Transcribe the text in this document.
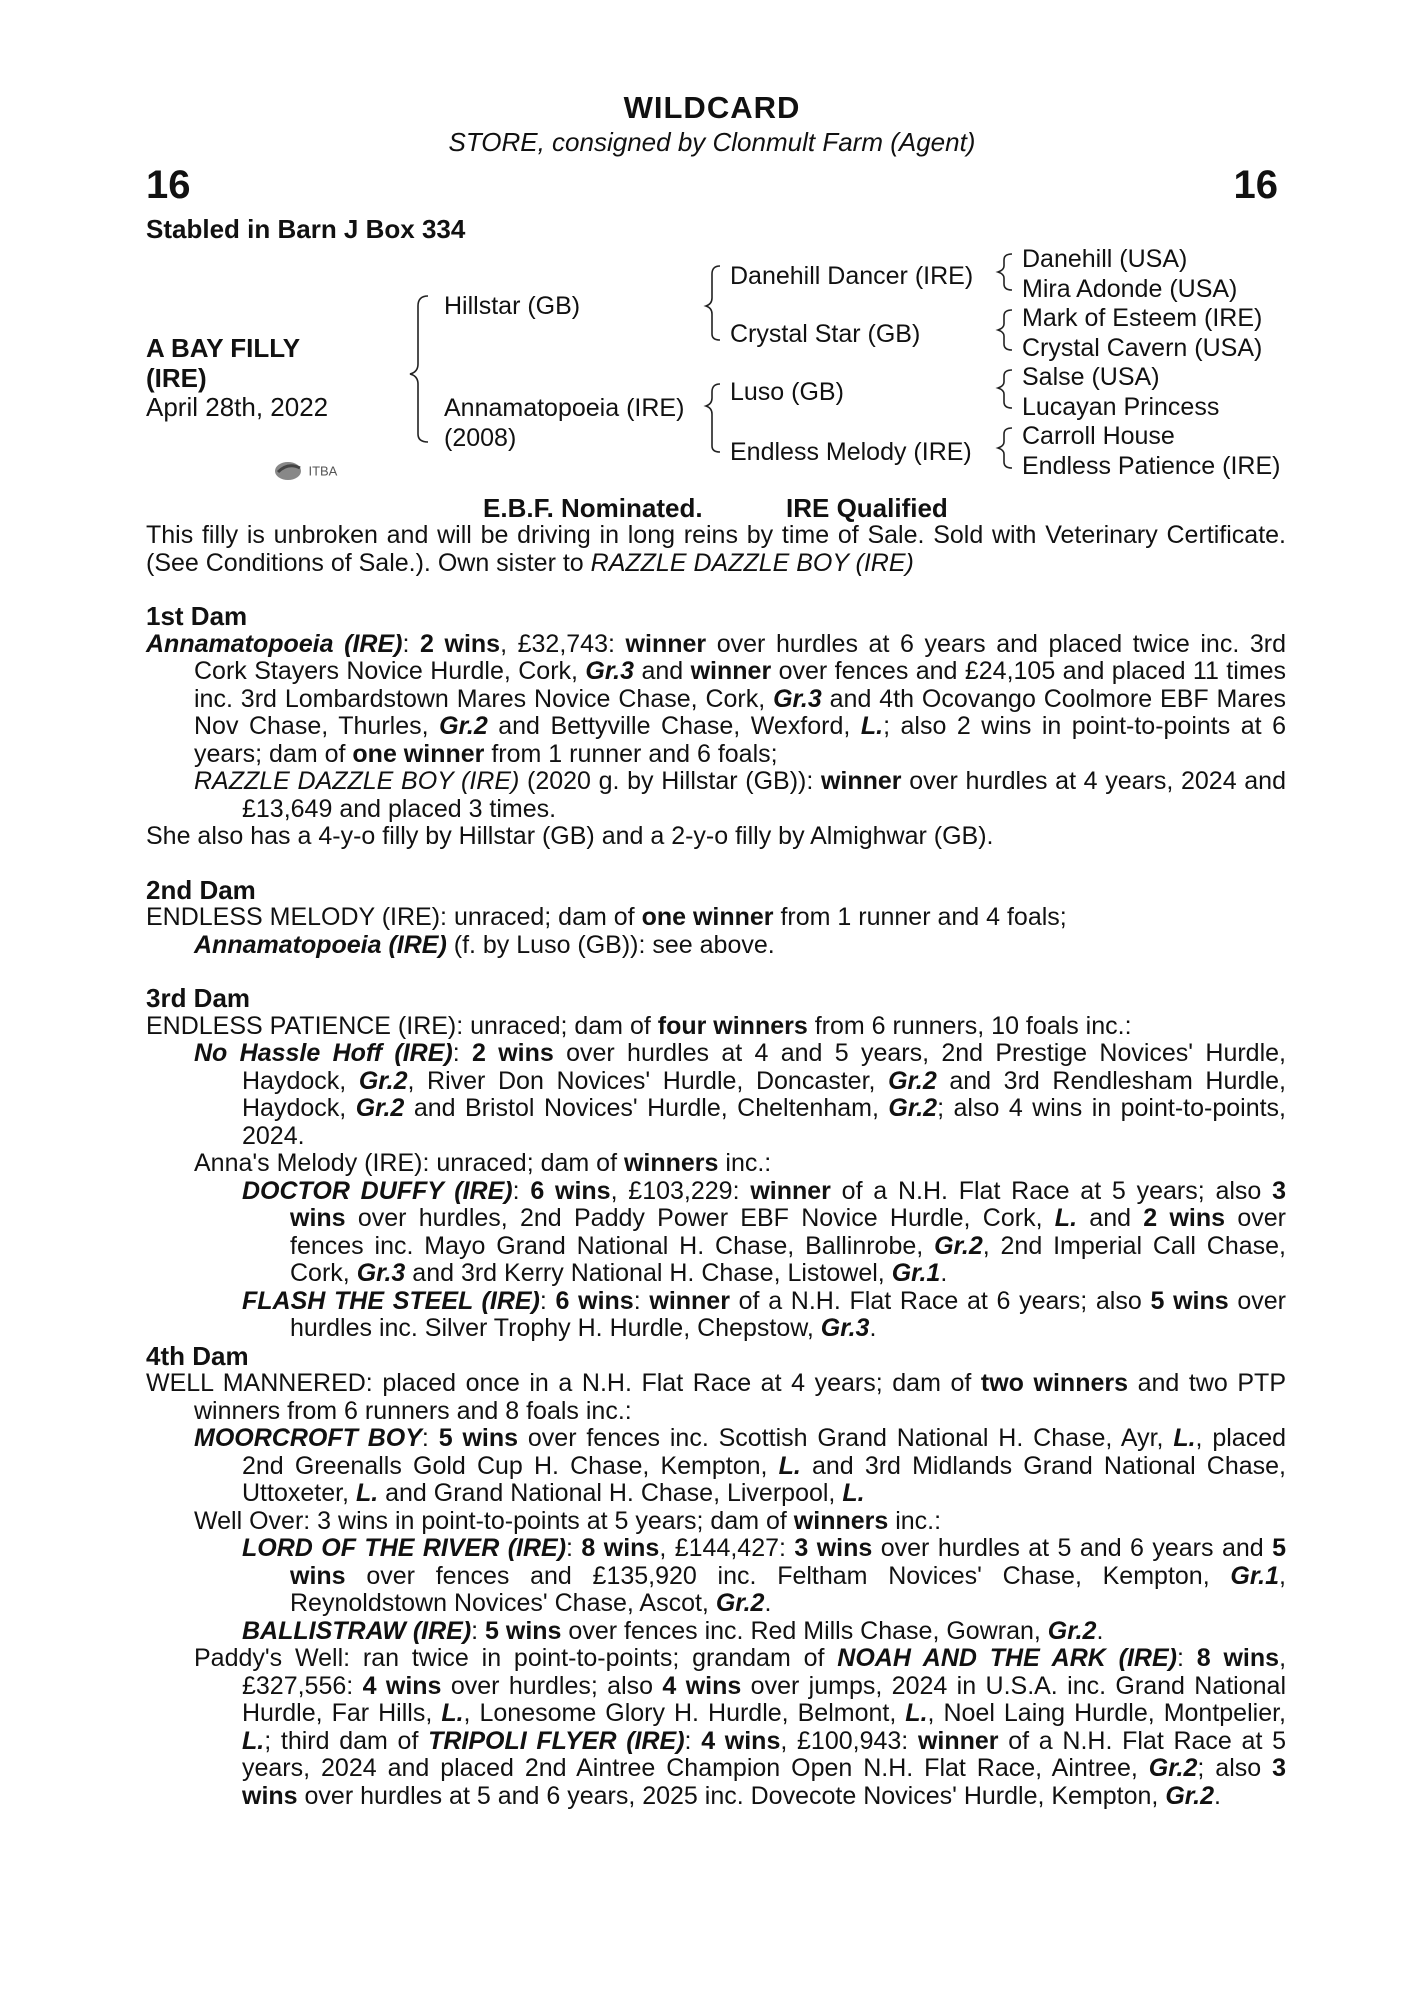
WILDCARD
STORE, consigned by Clonmult Farm (Agent)
16	16
Stabled in Barn J Box 334
A BAY FILLY
(IRE)
April 28th, 2022
Hillstar (GB)
Annamatopoeia (IRE)
(2008)
Danehill Dancer (IRE)
Crystal Star (GB)
Luso (GB)
Endless Melody (IRE)
Danehill (USA)
Mira Adonde (USA)
Mark of Esteem (IRE)
Crystal Cavern (USA)
Salse (USA)
Lucayan Princess
Carroll House
Endless Patience (IRE)
ITBA
E.B.F. Nominated.	IRE Qualified

This filly is unbroken and will be driving in long reins by time of Sale. Sold with Veterinary Certificate. (See Conditions of Sale.). Own sister to RAZZLE DAZZLE BOY (IRE)

1st Dam

Annamatopoeia (IRE): 2 wins, £32,743: winner over hurdles at 6 years and placed twice inc. 3rd Cork Stayers Novice Hurdle, Cork, Gr.3 and winner over fences and £24,105 and placed 11 times inc. 3rd Lombardstown Mares Novice Chase, Cork, Gr.3 and 4th Ocovango Coolmore EBF Mares Nov Chase, Thurles, Gr.2 and Bettyville Chase, Wexford, L.; also 2 wins in point-to-points at 6 years; dam of one winner from 1 runner and 6 foals;

RAZZLE DAZZLE BOY (IRE) (2020 g. by Hillstar (GB)): winner over hurdles at 4 years, 2024 and £13,649 and placed 3 times.

She also has a 4-y-o filly by Hillstar (GB) and a 2-y-o filly by Almighwar (GB).

2nd Dam

ENDLESS MELODY (IRE): unraced; dam of one winner from 1 runner and 4 foals;

Annamatopoeia (IRE) (f. by Luso (GB)): see above.

3rd Dam

ENDLESS PATIENCE (IRE): unraced; dam of four winners from 6 runners, 10 foals inc.:

No Hassle Hoff (IRE): 2 wins over hurdles at 4 and 5 years, 2nd Prestige Novices' Hurdle, Haydock, Gr.2, River Don Novices' Hurdle, Doncaster, Gr.2 and 3rd Rendlesham Hurdle, Haydock, Gr.2 and Bristol Novices' Hurdle, Cheltenham, Gr.2; also 4 wins in point-to-points, 2024.

Anna's Melody (IRE): unraced; dam of winners inc.:

DOCTOR DUFFY (IRE): 6 wins, £103,229: winner of a N.H. Flat Race at 5 years; also 3 wins over hurdles, 2nd Paddy Power EBF Novice Hurdle, Cork, L. and 2 wins over fences inc. Mayo Grand National H. Chase, Ballinrobe, Gr.2, 2nd Imperial Call Chase, Cork, Gr.3 and 3rd Kerry National H. Chase, Listowel, Gr.1.

FLASH THE STEEL (IRE): 6 wins: winner of a N.H. Flat Race at 6 years; also 5 wins over hurdles inc. Silver Trophy H. Hurdle, Chepstow, Gr.3.

4th Dam

WELL MANNERED: placed once in a N.H. Flat Race at 4 years; dam of two winners and two PTP winners from 6 runners and 8 foals inc.:

MOORCROFT BOY: 5 wins over fences inc. Scottish Grand National H. Chase, Ayr, L., placed 2nd Greenalls Gold Cup H. Chase, Kempton, L. and 3rd Midlands Grand National Chase, Uttoxeter, L. and Grand National H. Chase, Liverpool, L.

Well Over: 3 wins in point-to-points at 5 years; dam of winners inc.:

LORD OF THE RIVER (IRE): 8 wins, £144,427: 3 wins over hurdles at 5 and 6 years and 5 wins over fences and £135,920 inc. Feltham Novices' Chase, Kempton, Gr.1, Reynoldstown Novices' Chase, Ascot, Gr.2.

BALLISTRAW (IRE): 5 wins over fences inc. Red Mills Chase, Gowran, Gr.2.

Paddy's Well: ran twice in point-to-points; grandam of NOAH AND THE ARK (IRE): 8 wins, £327,556: 4 wins over hurdles; also 4 wins over jumps, 2024 in U.S.A. inc. Grand National Hurdle, Far Hills, L., Lonesome Glory H. Hurdle, Belmont, L., Noel Laing Hurdle, Montpelier, L.; third dam of TRIPOLI FLYER (IRE): 4 wins, £100,943: winner of a N.H. Flat Race at 5 years, 2024 and placed 2nd Aintree Champion Open N.H. Flat Race, Aintree, Gr.2; also 3 wins over hurdles at 5 and 6 years, 2025 inc. Dovecote Novices' Hurdle, Kempton, Gr.2.
